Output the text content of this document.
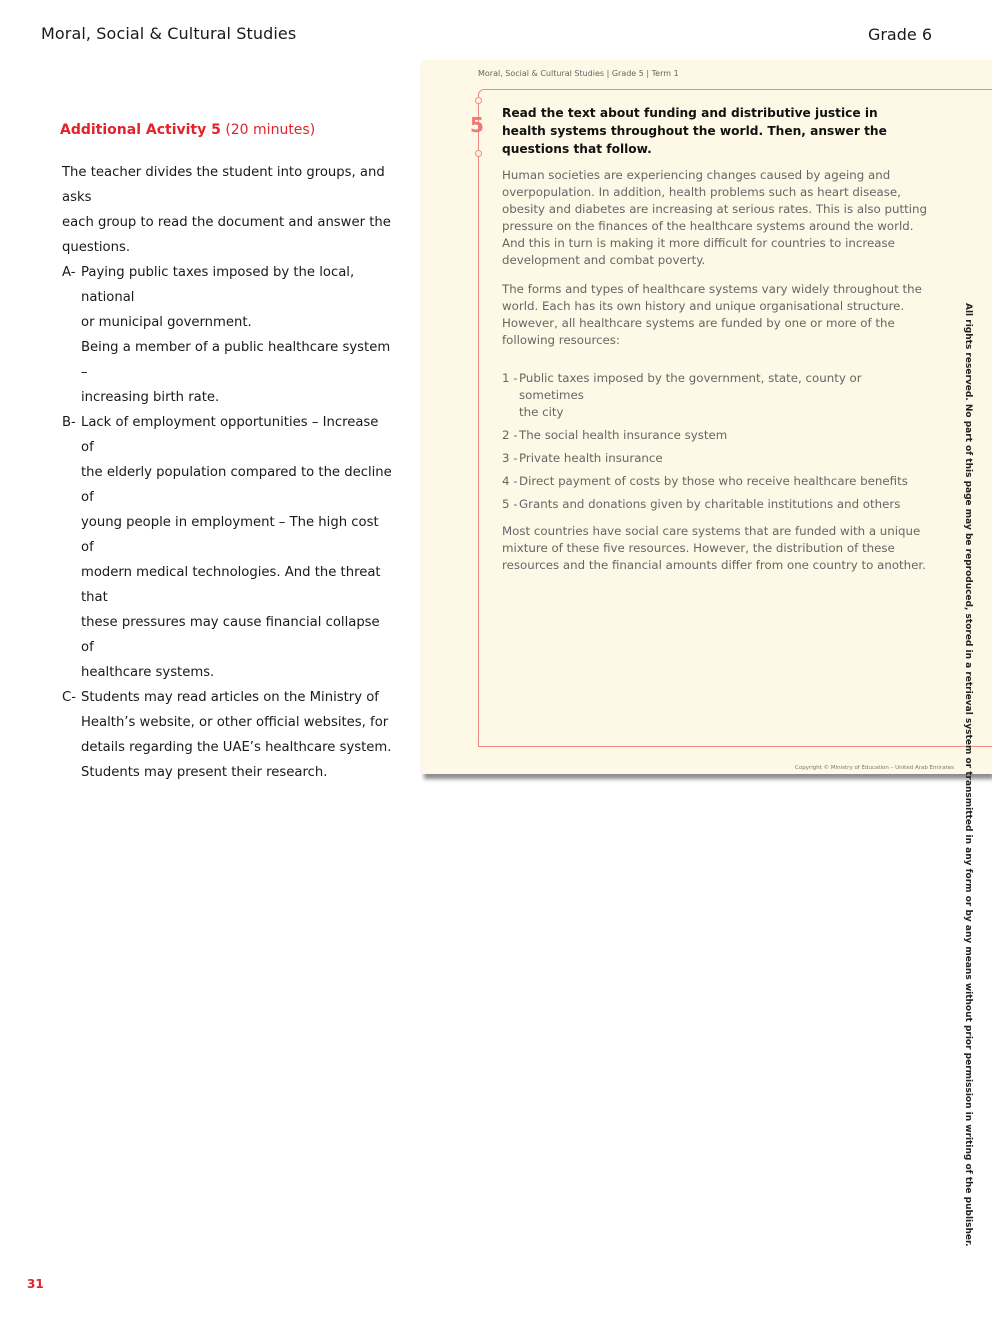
Moral, Social & Cultural Studies	Grade 6
Additional Activity 5 (20 minutes)

The teacher divides the student into groups, and asks

each group to read the document and answer the

questions.

A- Paying public taxes imposed by the local, national
or municipal government.
Being a member of a public healthcare system –
increasing birth rate.
B- Lack of employment opportunities – Increase of
the elderly population compared to the decline of
young people in employment – The high cost of
modern medical technologies. And the threat that
these pressures may cause financial collapse of
healthcare systems.
C- Students may read articles on the Ministry of
Health’s website, or other official websites, for
details regarding the UAE’s healthcare system.
Students may present their research.
Moral, Social & Cultural Studies | Grade 5 | Term 1
5 Read the text about funding and distributive justice in health systems throughout the world. Then, answer the questions that follow.

Human societies are experiencing changes caused by ageing and overpopulation. In addition, health problems such as heart disease, obesity and diabetes are increasing at serious rates. This is also putting pressure on the finances of the healthcare systems around the world. And this in turn is making it more difficult for countries to increase development and combat poverty.

The forms and types of healthcare systems vary widely throughout the world. Each has its own history and unique organisational structure. However, all healthcare systems are funded by one or more of the following resources:

1 - Public taxes imposed by the government, state, county or sometimes
the city
2 - The social health insurance system
3 - Private health insurance
4 - Direct payment of costs by those who receive healthcare benefits
5 - Grants and donations given by charitable institutions and others

Most countries have social care systems that are funded with a unique mixture of these five resources. However, the distribution of these resources and the financial amounts differ from one country to another.

Copyright © Ministry of Education – United Arab Emirates All rights reserved. No part of this page may be reproduced, stored in a retrieval system or transmitted in any form or by any means without prior permission in writing of the publisher.
31
